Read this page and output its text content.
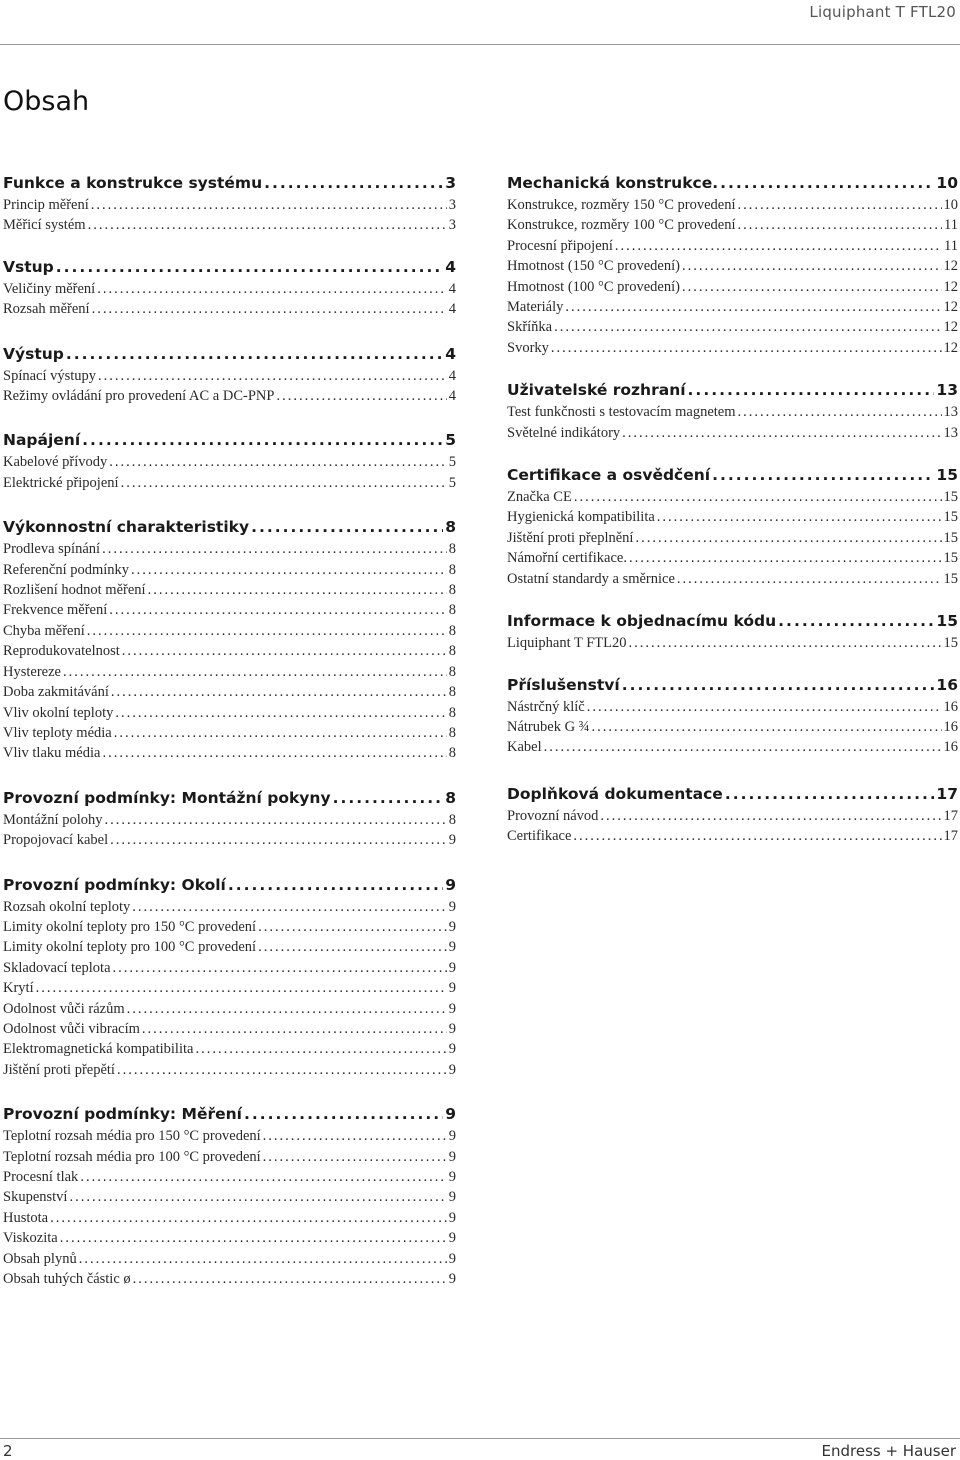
Liquiphant T FTL20
Obsah
Funkce a konstrukce systému .....	3
Princip měření .....	3
Měřicí systém .....	3
Vstup .....	4
Veličiny měření .....	4
Rozsah měření .....	4
Výstup .....	4
Spínací výstupy .....	4
Režimy ovládání pro provedení AC a DC-PNP .....	4
Napájení .....	5
Kabelové přívody .....	5
Elektrické připojení .....	5
Výkonnostní charakteristiky .....	8
Prodleva spínání .....	8
Referenční podmínky .....	8
Rozlišení hodnot měření .....	8
Frekvence měření .....	8
Chyba měření .....	8
Reprodukovatelnost .....	8
Hystereze .....	8
Doba zakmitávání .....	8
Vliv okolní teploty .....	8
Vliv teploty média .....	8
Vliv tlaku média .....	8
Provozní podmínky: Montážní pokyny .....	8
Montážní polohy .....	8
Propojovací kabel .....	9
Provozní podmínky: Okolí .....	9
Rozsah okolní teploty .....	9
Limity okolní teploty pro 150 °C provedení .....	9
Limity okolní teploty pro 100 °C provedení .....	9
Skladovací teplota .....	9
Krytí .....	9
Odolnost vůči rázům .....	9
Odolnost vůči vibracím .....	9
Elektromagnetická kompatibilita .....	9
Jištění proti přepětí .....	9
Provozní podmínky: Měření .....	9
Teplotní rozsah média pro 150 °C provedení .....	9
Teplotní rozsah média pro 100 °C provedení .....	9
Procesní tlak .....	9
Skupenství .....	9
Hustota .....	9
Viskozita .....	9
Obsah plynů .....	9
Obsah tuhých částic ø .....	9
Mechanická konstrukce. .....	10
Konstrukce, rozměry 150 °C provedení .....	10
Konstrukce, rozměry 100 °C provedení .....	11
Procesní připojení .....	11
Hmotnost (150 °C provedení) .....	12
Hmotnost (100 °C provedení) .....	12
Materiály .....	12
Skříňka .....	12
Svorky .....	12
Uživatelské rozhraní .....	13
Test funkčnosti s testovacím magnetem .....	13
Světelné indikátory .....	13
Certifikace a osvědčení .....	15
Značka CE .....	15
Hygienická kompatibilita .....	15
Jištění proti přeplnění .....	15
Námořní certifikace. .....	15
Ostatní standardy a směrnice .....	15
Informace k objednacímu kódu .....	15
Liquiphant T FTL20 .....	15
Příslušenství .....	16
Nástrčný klíč .....	16
Nátrubek G ¾ .....	16
Kabel .....	16
Doplňková dokumentace .....	17
Provozní návod .....	17
Certifikace .....	17
2	Endress + Hauser
